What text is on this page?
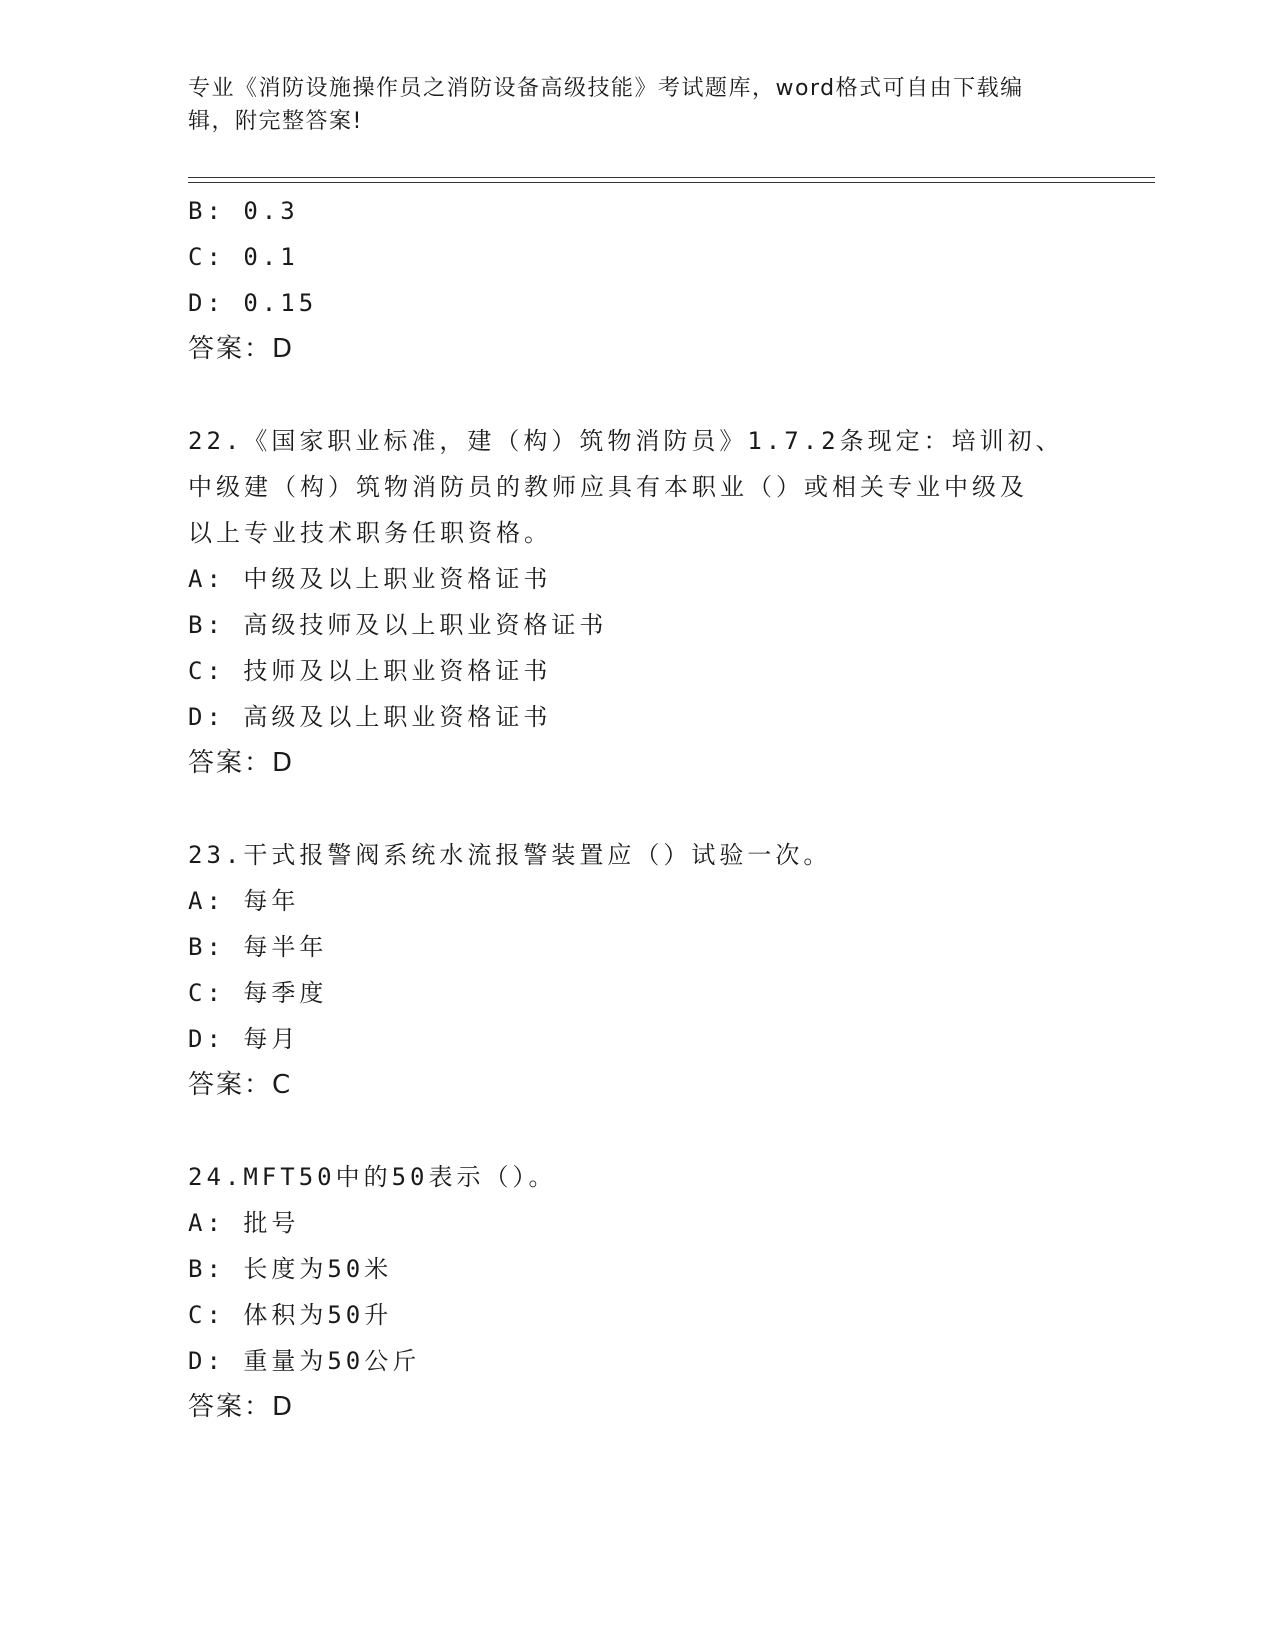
专业《消防设施操作员之消防设备高级技能》考试题库，word格式可自由下载编辑，附完整答案!

B: 0.3
C: 0.1
D: 0.15
答案：D
22.《国家职业标准，建（构）筑物消防员》1.7.2条现定：培训初、
中级建（构）筑物消防员的教师应具有本职业（）或相关专业中级及
以上专业技术职务任职资格。
A: 中级及以上职业资格证书
B: 高级技师及以上职业资格证书
C: 技师及以上职业资格证书
D: 高级及以上职业资格证书
答案：D
23.干式报警阀系统水流报警装置应（）试验一次。
A: 每年
B: 每半年
C: 每季度
D: 每月
答案：C
24.MFT50中的50表示（）。
A: 批号
B: 长度为50米
C: 体积为50升
D: 重量为50公斤
答案：D
